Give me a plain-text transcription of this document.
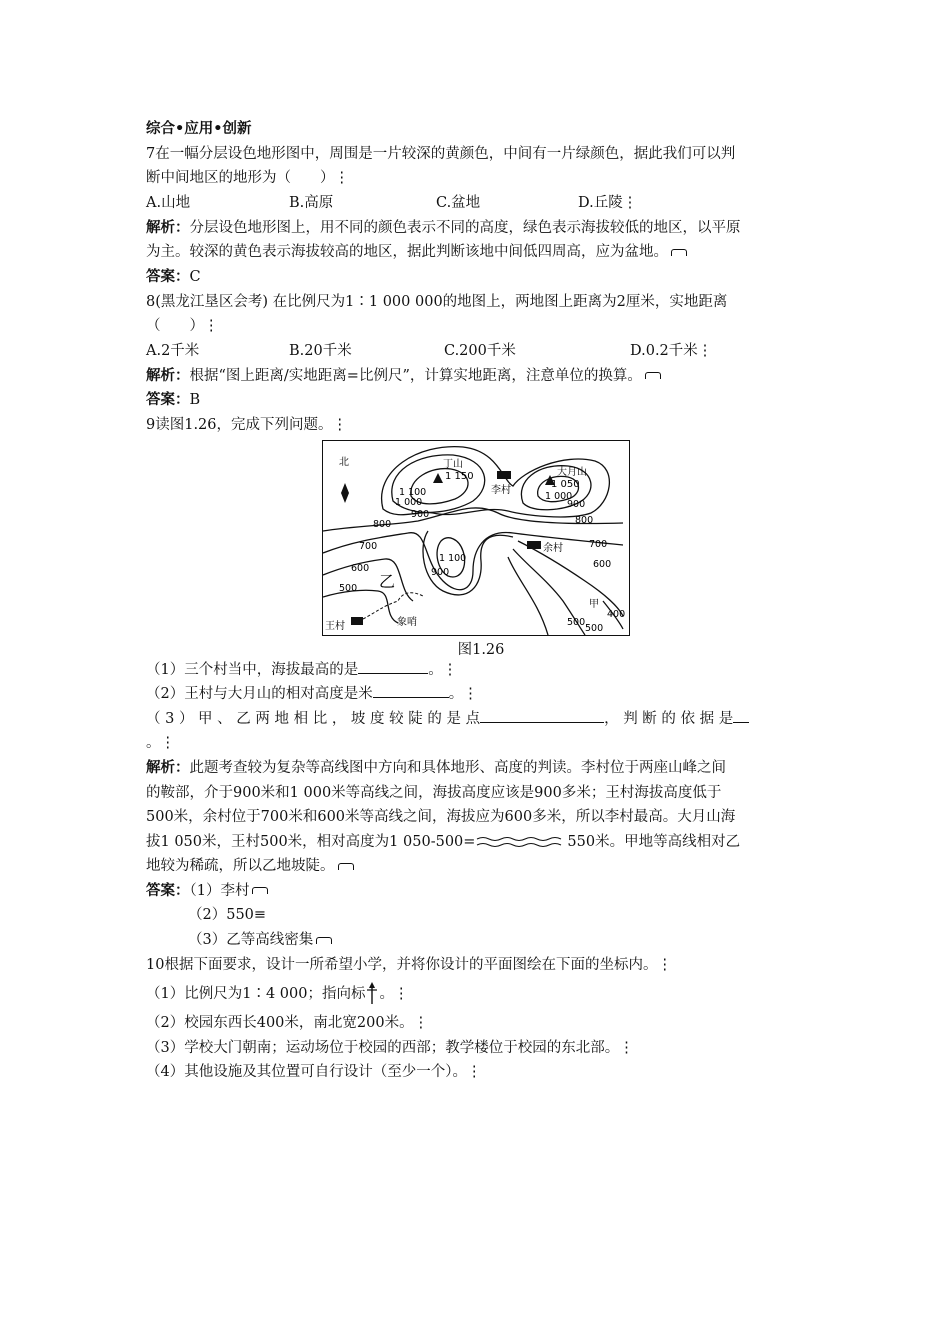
综合•应用•创新
7在一幅分层设色地形图中，周围是一片较深的黄颜色，中间有一片绿颜色，据此我们可以判
断中间地区的地形为（　　）⋮
A.山地	B.高原	C.盆地	D.丘陵⋮
解析：分层设色地形图上，用不同的颜色表示不同的高度，绿色表示海拔较低的地区，以平原
为主。较深的黄色表示海拔较高的地区，据此判断该地中间低四周高，应为盆地。
答案：C
8(黑龙江垦区会考) 在比例尺为1∶1 000 000的地图上，两地图上距离为2厘米，实地距离
（　　）⋮
A.2千米	B.20千米	C.200千米	D.0.2千米⋮
解析：根据“图上距离/实地距离=比例尺”，计算实地距离，注意单位的换算。
答案：B
9读图1.26，完成下列问题。⋮
北	丁山
1 150	大月山
1 050
李村
余村
王村	象哨
甲
乙
1 100
1 000
900
800
700
600
500
1 000
900
800
700
600
400
500
500
1 100
900
图1.26
（1）三个村当中，海拔最高的是	。⋮
（2）王村与大月山的相对高度是米	。⋮
（ 3 ） 甲 、 乙 两 地 相 比 ， 坡 度 较 陡 的 是 点	， 判 断 的 依 据 是
。⋮
解析：此题考查较为复杂等高线图中方向和具体地形、高度的判读。李村位于两座山峰之间
的鞍部，介于900米和1 000米等高线之间，海拔高度应该是900多米；王村海拔高度低于
500米，余村位于700米和600米等高线之间，海拔应为600多米，所以李村最高。大月山海
拔1 050米，王村500米，相对高度为1 050-500=	550米。甲地等高线相对乙
地较为稀疏，所以乙地坡陡。
答案：（1）李村
（2）550≡
（3）乙等高线密集
10根据下面要求，设计一所希望小学，并将你设计的平面图绘在下面的坐标内。⋮
（1）比例尺为1∶4 000；指向标 。⋮
（2）校园东西长400米，南北宽200米。⋮
（3）学校大门朝南；运动场位于校园的西部；教学楼位于校园的东北部。⋮
（4）其他设施及其位置可自行设计（至少一个）。⋮
